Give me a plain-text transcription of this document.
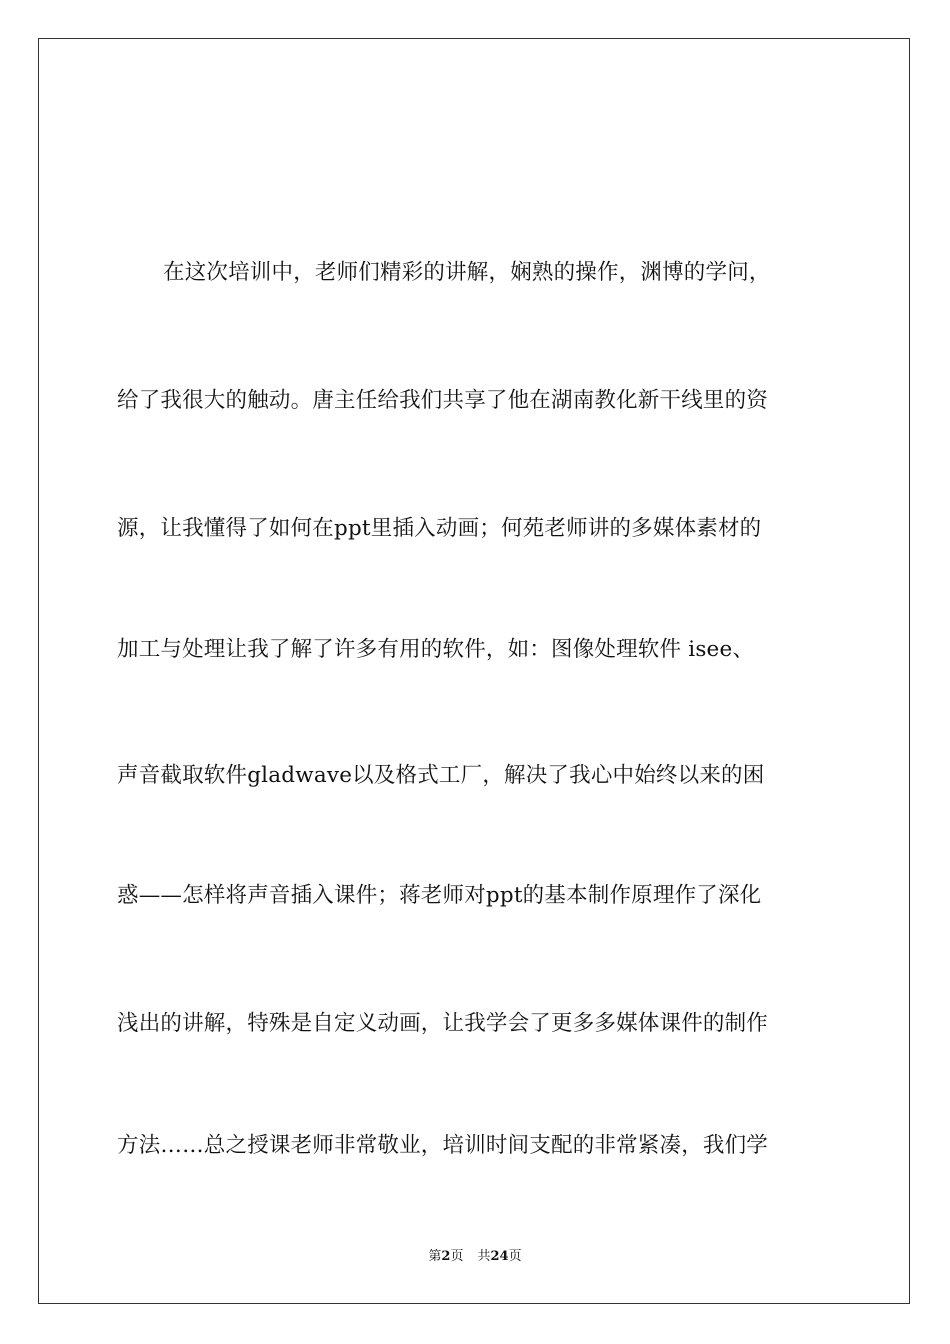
在这次培训中，老师们精彩的讲解，娴熟的操作，渊博的学问，
给了我很大的触动。唐主任给我们共享了他在湖南教化新干线里的资
源，让我懂得了如何在ppt里插入动画；何苑老师讲的多媒体素材的
加工与处理让我了解了许多有用的软件，如：图像处理软件 isee、
声音截取软件gladwave以及格式工厂，解决了我心中始终以来的困
惑——怎样将声音插入课件；蒋老师对ppt的基本制作原理作了深化
浅出的讲解，特殊是自定义动画，让我学会了更多多媒体课件的制作
方法……总之授课老师非常敬业，培训时间支配的非常紧凑，我们学
第2页 共24页
